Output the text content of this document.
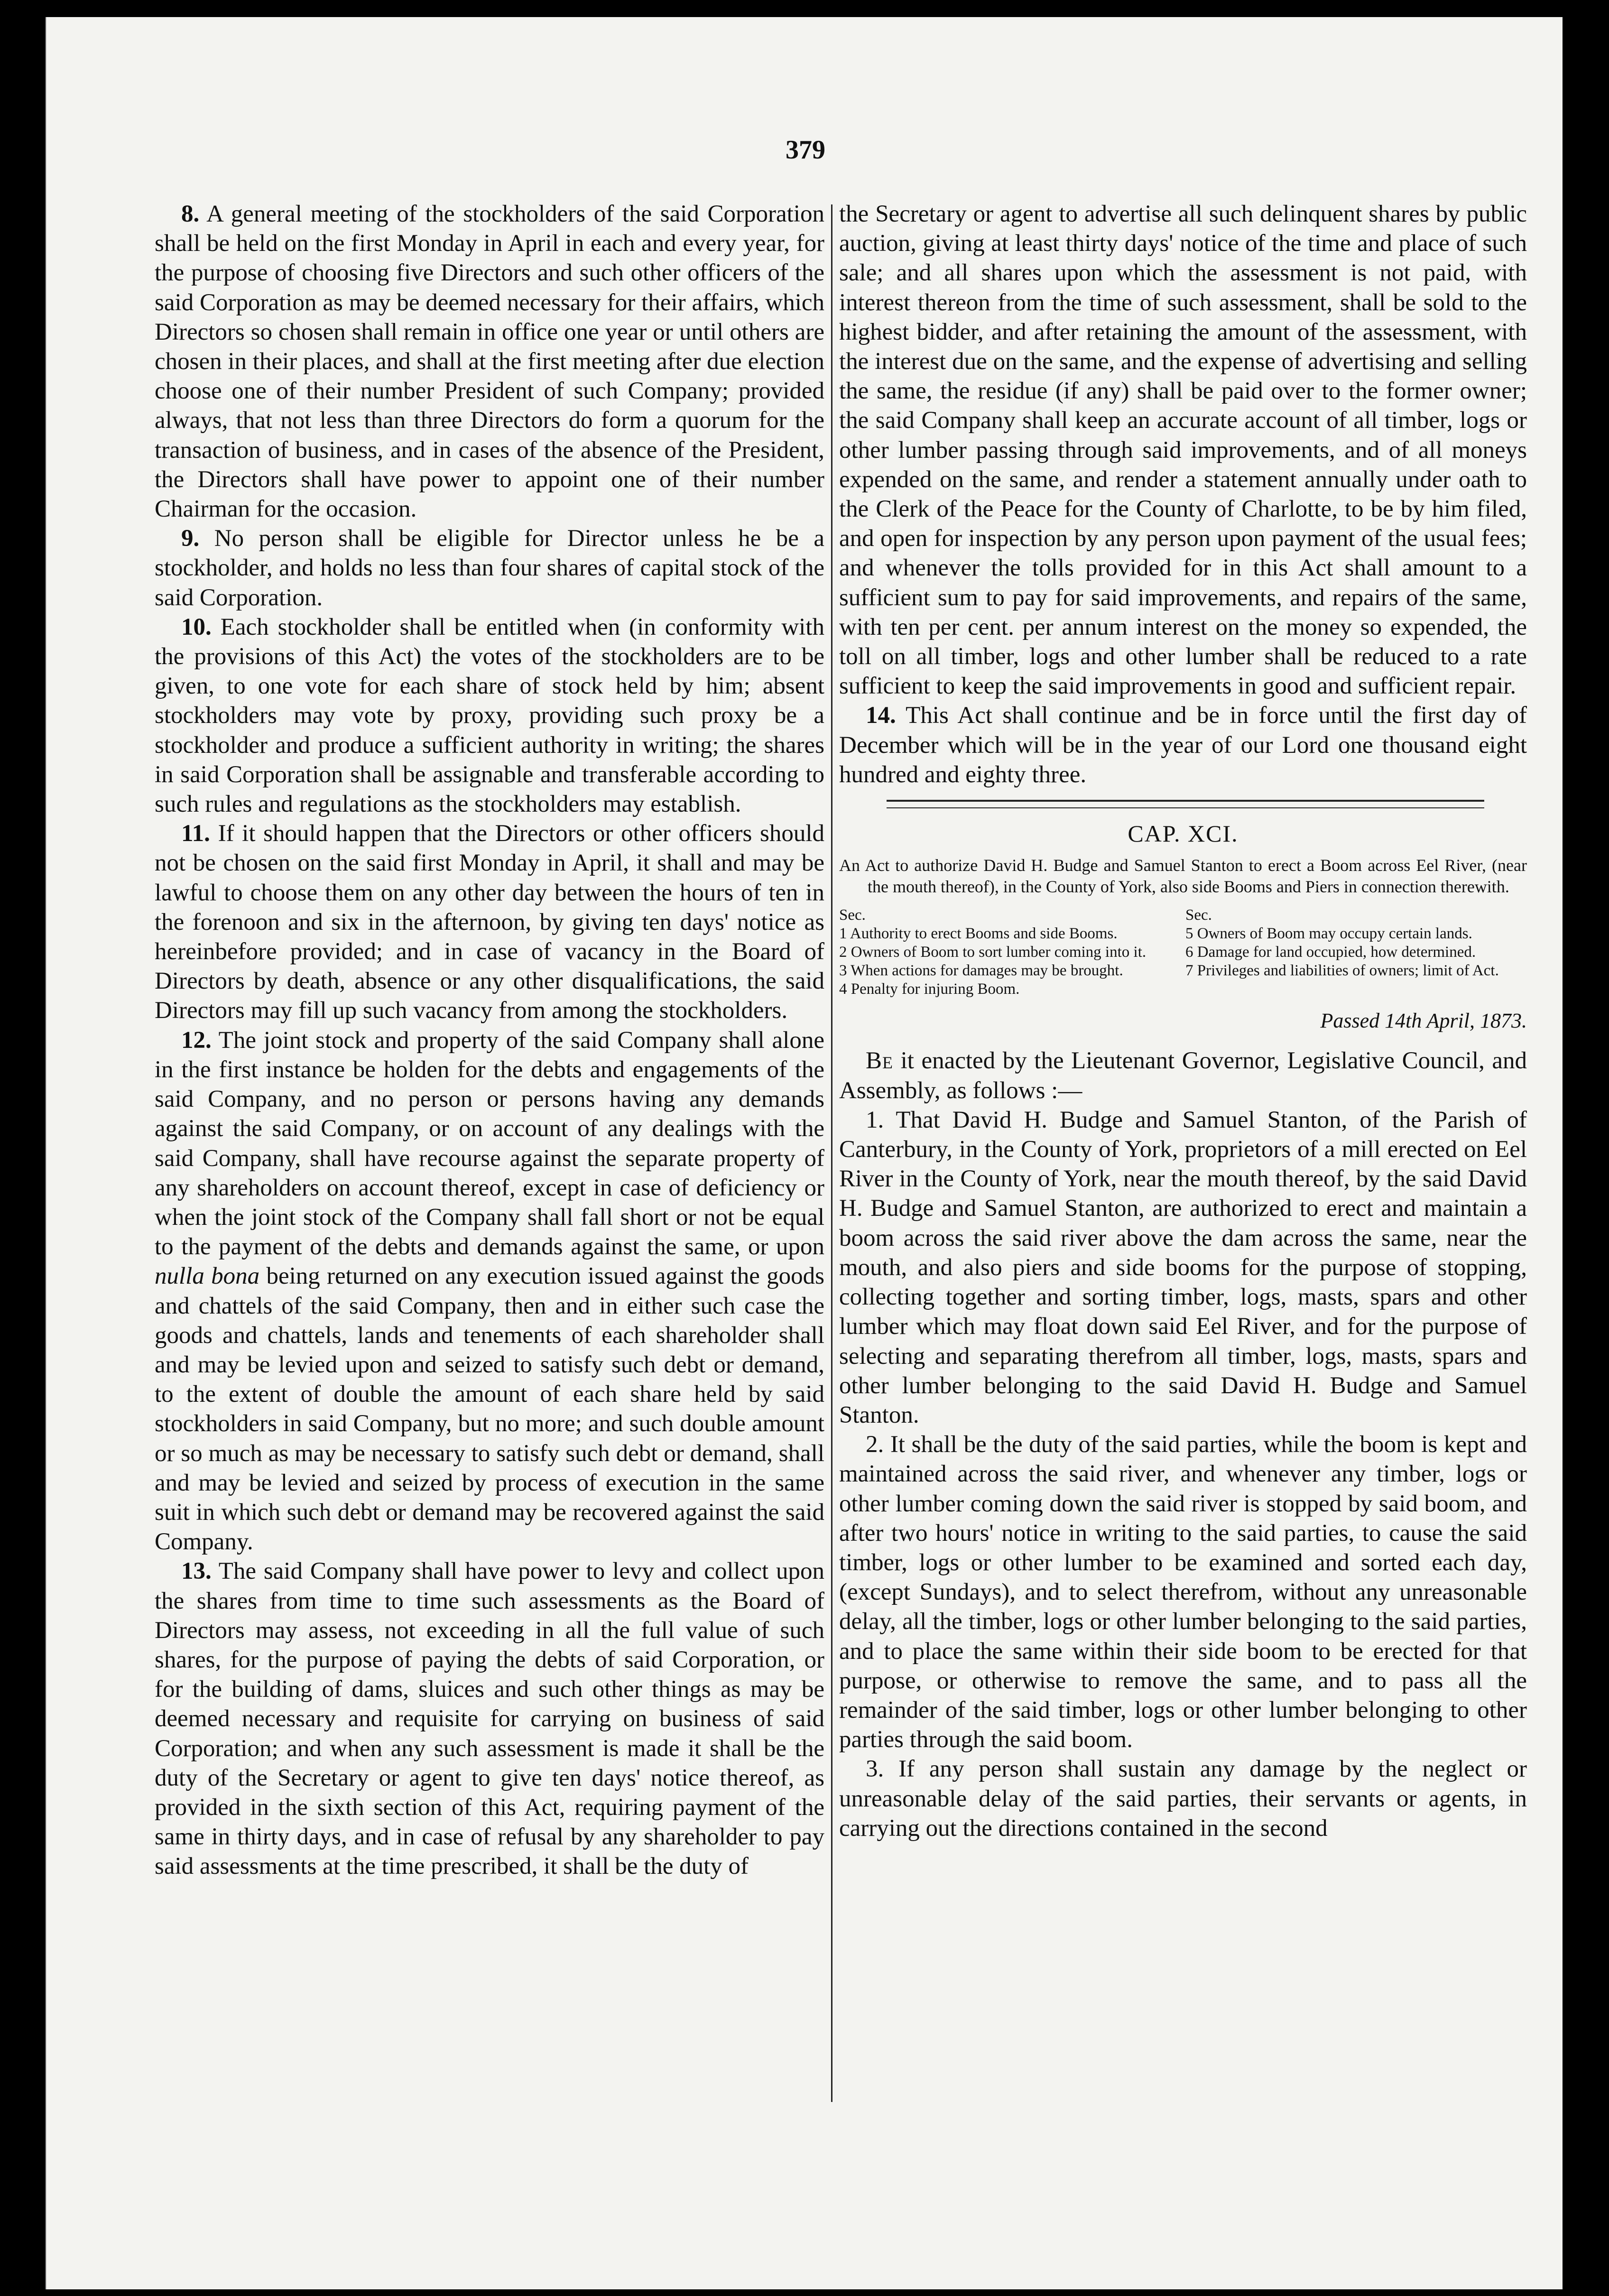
379

8. A general meeting of the stockholders of the said Corporation shall be held on the first Monday in April in each and every year, for the purpose of choosing five Directors and such other officers of the said Corporation as may be deemed necessary for their affairs, which Directors so chosen shall remain in office one year or until others are chosen in their places, and shall at the first meeting after due election choose one of their number President of such Company; provided always, that not less than three Directors do form a quorum for the transaction of business, and in cases of the absence of the President, the Directors shall have power to appoint one of their number Chairman for the occasion.

9. No person shall be eligible for Director unless he be a stockholder, and holds no less than four shares of capital stock of the said Corporation.

10. Each stockholder shall be entitled when (in conformity with the provisions of this Act) the votes of the stockholders are to be given, to one vote for each share of stock held by him; absent stockholders may vote by proxy, providing such proxy be a stockholder and produce a sufficient authority in writing; the shares in said Corporation shall be assignable and transferable according to such rules and regulations as the stockholders may establish.

11. If it should happen that the Directors or other officers should not be chosen on the said first Monday in April, it shall and may be lawful to choose them on any other day between the hours of ten in the forenoon and six in the afternoon, by giving ten days' notice as hereinbefore provided; and in case of vacancy in the Board of Directors by death, absence or any other disqualifications, the said Directors may fill up such vacancy from among the stockholders.

12. The joint stock and property of the said Company shall alone in the first instance be holden for the debts and engagements of the said Company, and no person or persons having any demands against the said Company, or on account of any dealings with the said Company, shall have recourse against the separate property of any shareholders on account thereof, except in case of deficiency or when the joint stock of the Company shall fall short or not be equal to the payment of the debts and demands against the same, or upon nulla bona being returned on any execution issued against the goods and chattels of the said Company, then and in either such case the goods and chattels, lands and tenements of each shareholder shall and may be levied upon and seized to satisfy such debt or demand, to the extent of double the amount of each share held by said stockholders in said Company, but no more; and such double amount or so much as may be necessary to satisfy such debt or demand, shall and may be levied and seized by process of execution in the same suit in which such debt or demand may be recovered against the said Company.

13. The said Company shall have power to levy and collect upon the shares from time to time such assessments as the Board of Directors may assess, not exceeding in all the full value of such shares, for the purpose of paying the debts of said Corporation, or for the building of dams, sluices and such other things as may be deemed necessary and requisite for carrying on business of said Corporation; and when any such assessment is made it shall be the duty of the Secretary or agent to give ten days' notice thereof, as provided in the sixth section of this Act, requiring payment of the same in thirty days, and in case of refusal by any shareholder to pay said assessments at the time prescribed, it shall be the duty of

the Secretary or agent to advertise all such delinquent shares by public auction, giving at least thirty days' notice of the time and place of such sale; and all shares upon which the assessment is not paid, with interest thereon from the time of such assessment, shall be sold to the highest bidder, and after retaining the amount of the assessment, with the interest due on the same, and the expense of advertising and selling the same, the residue (if any) shall be paid over to the former owner; the said Company shall keep an accurate account of all timber, logs or other lumber passing through said improvements, and of all moneys expended on the same, and render a statement annually under oath to the Clerk of the Peace for the County of Charlotte, to be by him filed, and open for inspection by any person upon payment of the usual fees; and whenever the tolls provided for in this Act shall amount to a sufficient sum to pay for said improvements, and repairs of the same, with ten per cent. per annum interest on the money so expended, the toll on all timber, logs and other lumber shall be reduced to a rate sufficient to keep the said improvements in good and sufficient repair.

14. This Act shall continue and be in force until the first day of December which will be in the year of our Lord one thousand eight hundred and eighty three.

CAP. XCI.
An Act to authorize David H. Budge and Samuel Stanton to erect a Boom across Eel River, (near the mouth thereof), in the County of York, also side Booms and Piers in connection therewith.
Sec.	Sec.
1 Authority to erect Booms and side Booms.
2 Owners of Boom to sort lumber coming into it.
3 When actions for damages may be brought.
4 Penalty for injuring Boom.
5 Owners of Boom may occupy certain lands.
6 Damage for land occupied, how determined.
7 Privileges and liabilities of owners; limit of Act.
Passed 14th April, 1873.

Be it enacted by the Lieutenant Governor, Legislative Council, and Assembly, as follows :—

1. That David H. Budge and Samuel Stanton, of the Parish of Canterbury, in the County of York, proprietors of a mill erected on Eel River in the County of York, near the mouth thereof, by the said David H. Budge and Samuel Stanton, are authorized to erect and maintain a boom across the said river above the dam across the same, near the mouth, and also piers and side booms for the purpose of stopping, collecting together and sorting timber, logs, masts, spars and other lumber which may float down said Eel River, and for the purpose of selecting and separating therefrom all timber, logs, masts, spars and other lumber belonging to the said David H. Budge and Samuel Stanton.

2. It shall be the duty of the said parties, while the boom is kept and maintained across the said river, and whenever any timber, logs or other lumber coming down the said river is stopped by said boom, and after two hours' notice in writing to the said parties, to cause the said timber, logs or other lumber to be examined and sorted each day, (except Sundays), and to select therefrom, without any unreasonable delay, all the timber, logs or other lumber belonging to the said parties, and to place the same within their side boom to be erected for that purpose, or otherwise to remove the same, and to pass all the remainder of the said timber, logs or other lumber belonging to other parties through the said boom.

3. If any person shall sustain any damage by the neglect or unreasonable delay of the said parties, their servants or agents, in carrying out the directions contained in the second
